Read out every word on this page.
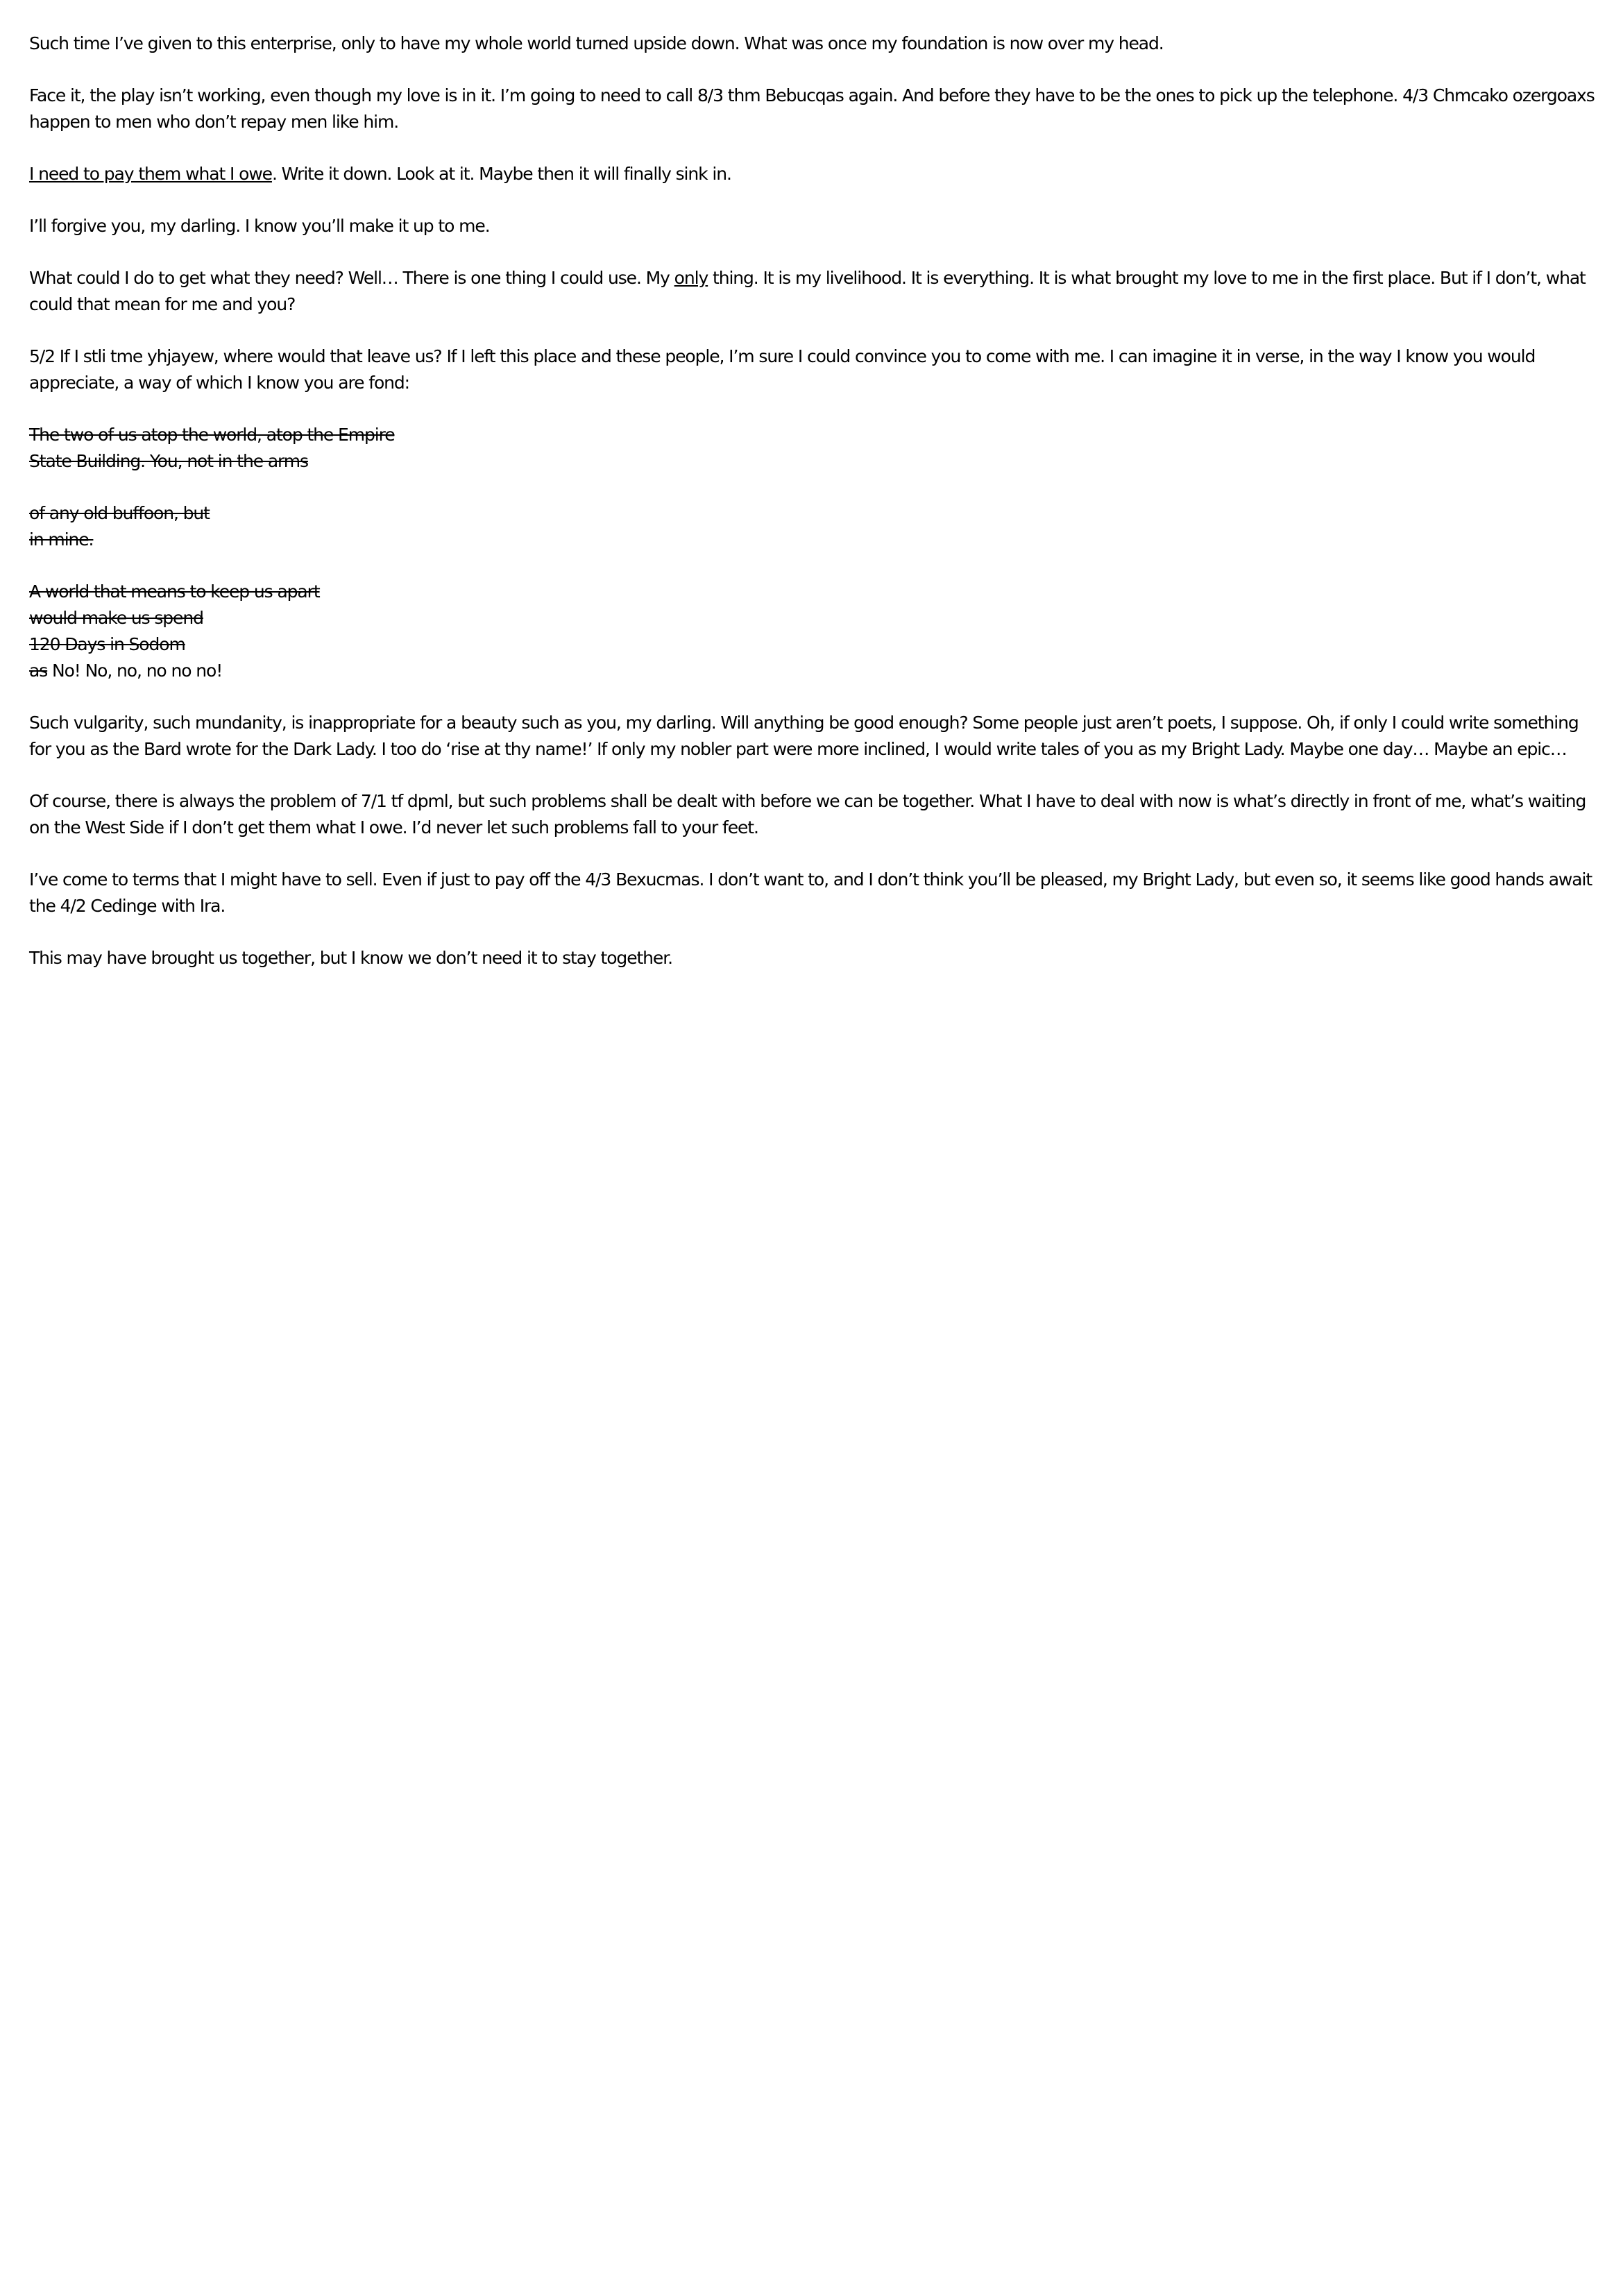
Such time I’ve given to this enterprise, only to have my whole world turned upside down. What was once my foundation is now over my head.

Face it, the play isn’t working, even though my love is in it. I’m going to need to call 8/3 thm Bebucqas again. And before they have to be the ones to pick up the telephone. 4/3 Chmcako ozergoaxs happen to men who don’t repay men like him.

I need to pay them what I owe. Write it down. Look at it. Maybe then it will finally sink in.

I’ll forgive you, my darling. I know you’ll make it up to me.

What could I do to get what they need? Well… There is one thing I could use. My only thing. It is my livelihood. It is everything. It is what brought my love to me in the first place. But if I don’t, what could that mean for me and you?

5/2 If I stli tme yhjayew, where would that leave us? If I left this place and these people, I’m sure I could convince you to come with me. I can imagine it in verse, in the way I know you would appreciate, a way of which I know you are fond:

The two of us atop the world, atop the Empire
State Building. You, not in the arms
of any old buffoon, but
in mine.
A world that means to keep us apart
would make us spend
120 Days in Sodom
as No! No, no, no no no!

Such vulgarity, such mundanity, is inappropriate for a beauty such as you, my darling. Will anything be good enough? Some people just aren’t poets, I suppose. Oh, if only I could write something for you as the Bard wrote for the Dark Lady. I too do ‘rise at thy name!’ If only my nobler part were more inclined, I would write tales of you as my Bright Lady. Maybe one day… Maybe an epic…

Of course, there is always the problem of 7/1 tf dpml, but such problems shall be dealt with before we can be together. What I have to deal with now is what’s directly in front of me, what’s waiting on the West Side if I don’t get them what I owe. I’d never let such problems fall to your feet.

I’ve come to terms that I might have to sell. Even if just to pay off the 4/3 Bexucmas. I don’t want to, and I don’t think you’ll be pleased, my Bright Lady, but even so, it seems like good hands await the 4/2 Cedinge with Ira.

This may have brought us together, but I know we don’t need it to stay together.
